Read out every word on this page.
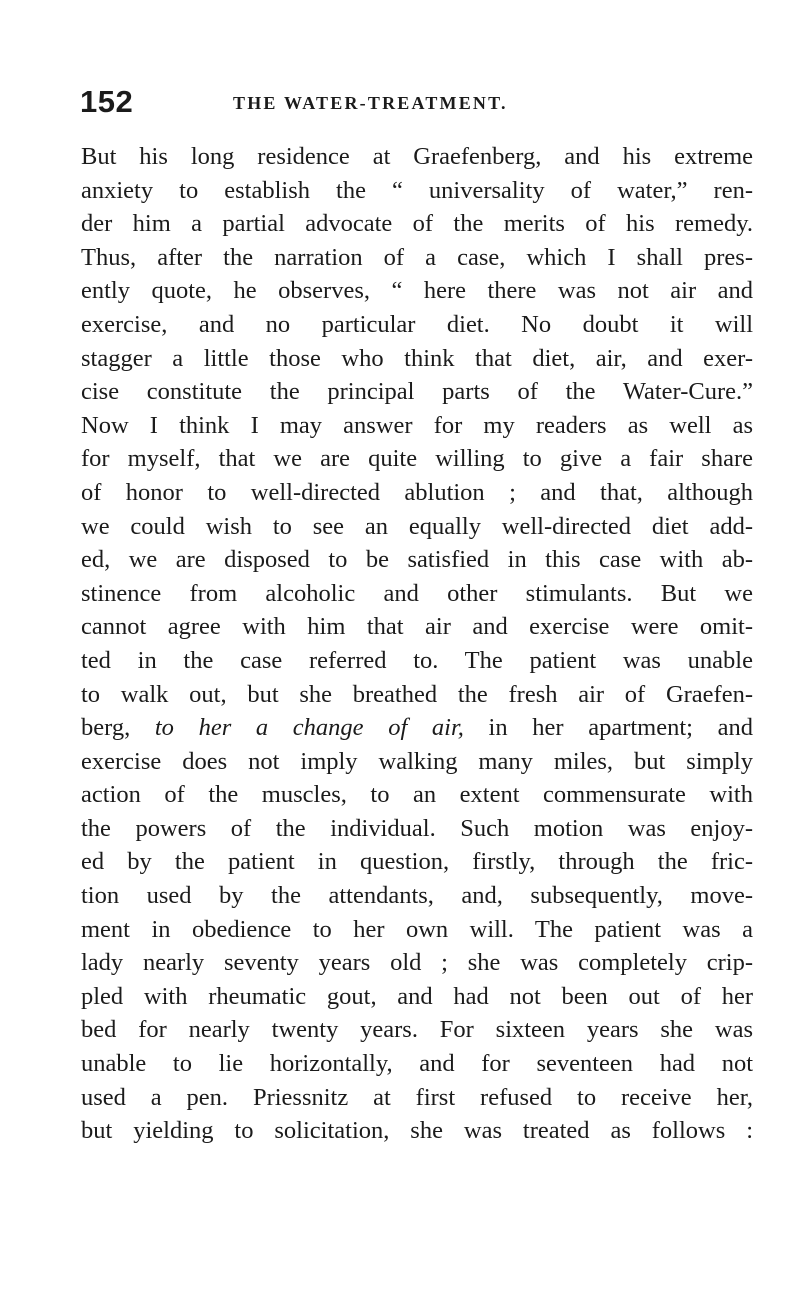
152	THE WATER-TREATMENT.
But his long residence at Graefenberg, and his extreme
anxiety to establish the “ universality of water,” ren-
der him a partial advocate of the merits of his remedy.
Thus, after the narration of a case, which I shall pres-
ently quote, he observes, “ here there was not air and
exercise, and no particular diet. No doubt it will
stagger a little those who think that diet, air, and exer-
cise constitute the principal parts of the Water-Cure.”
Now I think I may answer for my readers as well as
for myself, that we are quite willing to give a fair share
of honor to well-directed ablution ; and that, although
we could wish to see an equally well-directed diet add-
ed, we are disposed to be satisfied in this case with ab-
stinence from alcoholic and other stimulants. But we
cannot agree with him that air and exercise were omit-
ted in the case referred to. The patient was unable
to walk out, but she breathed the fresh air of Graefen-
berg, to her a change of air, in her apartment; and
exercise does not imply walking many miles, but simply
action of the muscles, to an extent commensurate with
the powers of the individual. Such motion was enjoy-
ed by the patient in question, firstly, through the fric-
tion used by the attendants, and, subsequently, move-
ment in obedience to her own will. The patient was a
lady nearly seventy years old ; she was completely crip-
pled with rheumatic gout, and had not been out of her
bed for nearly twenty years. For sixteen years she was
unable to lie horizontally, and for seventeen had not
used a pen. Priessnitz at first refused to receive her,
but yielding to solicitation, she was treated as follows :
